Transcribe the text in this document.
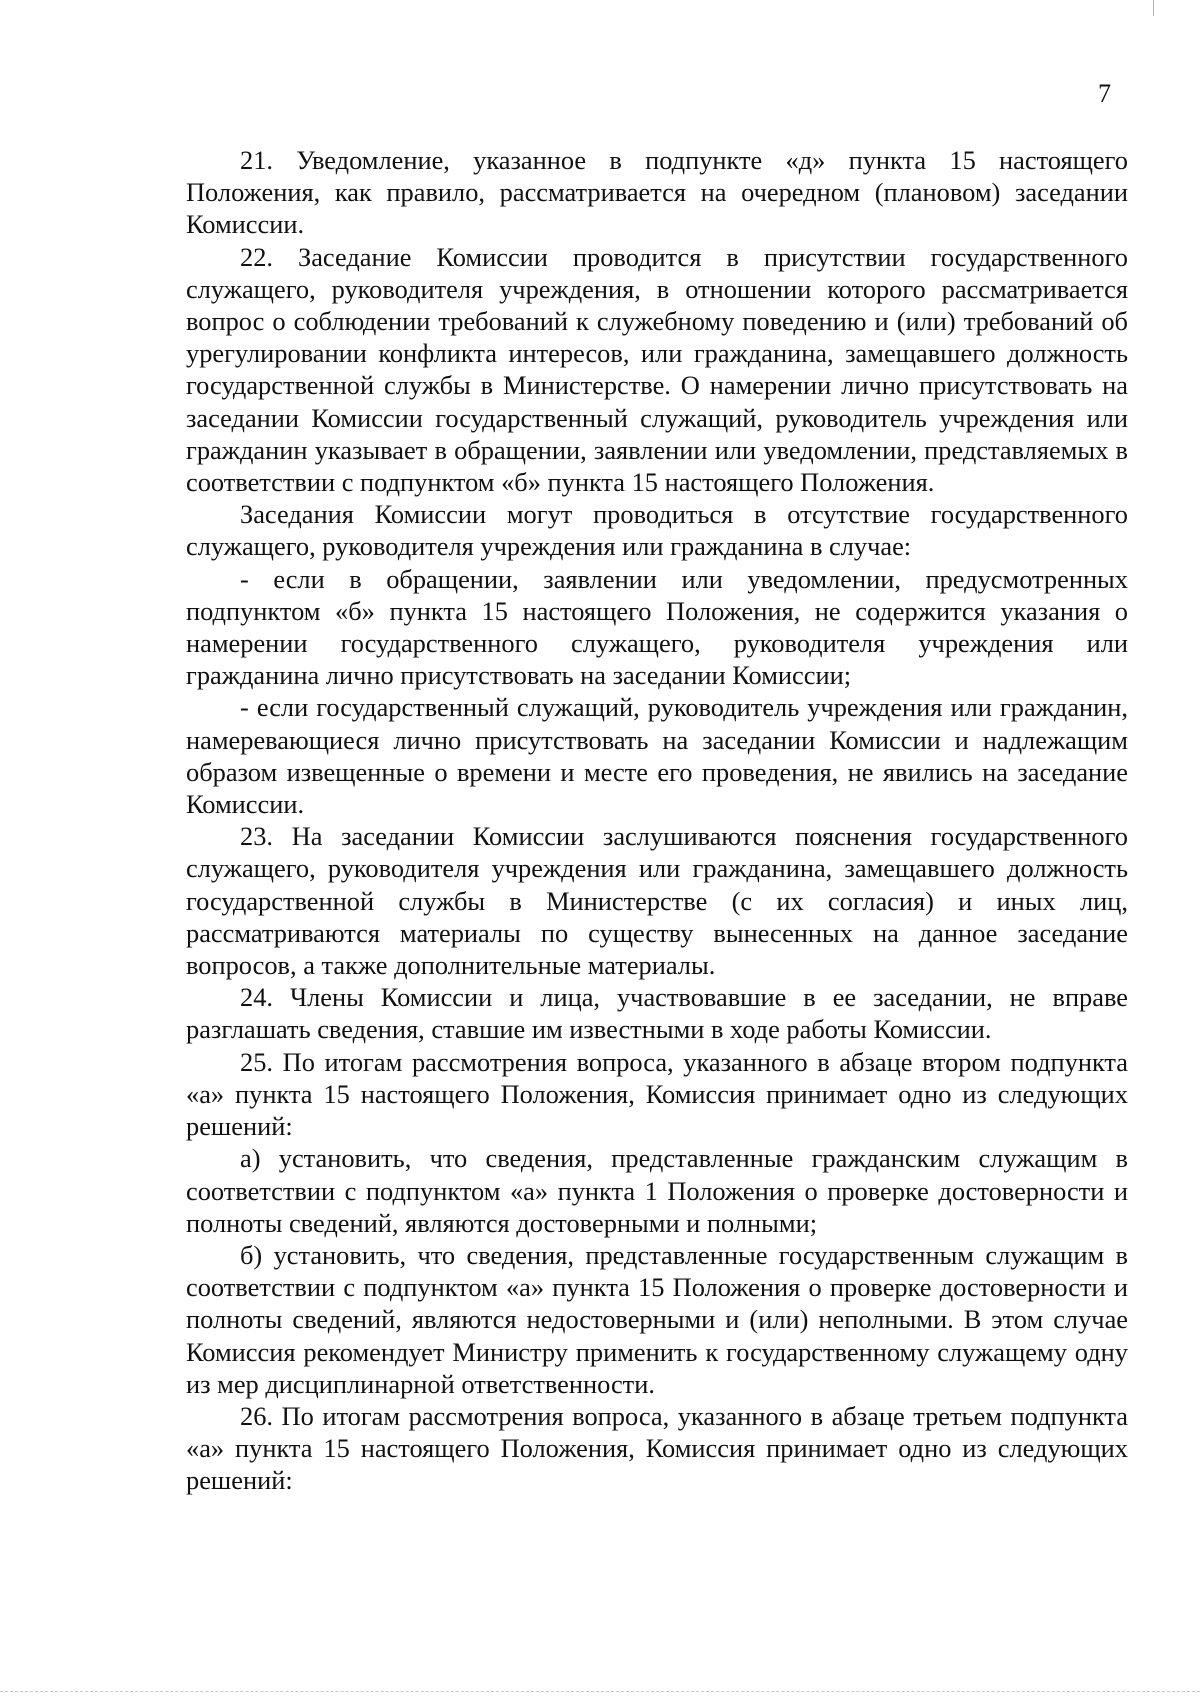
7

21. Уведомление, указанное в подпункте «д» пункта 15 настоящего Положения, как правило, рассматривается на очередном (плановом) заседании Комиссии.

22. Заседание Комиссии проводится в присутствии государственного служащего, руководителя учреждения, в отношении которого рассматривается вопрос о соблюдении требований к служебному поведению и (или) требований об урегулировании конфликта интересов, или гражданина, замещавшего должность государственной службы в Министерстве. О намерении лично присутствовать на заседании Комиссии государственный служащий, руководитель учреждения или гражданин указывает в обращении, заявлении или уведомлении, представляемых в соответствии с подпунктом «б» пункта 15 настоящего Положения.

Заседания Комиссии могут проводиться в отсутствие государственного служащего, руководителя учреждения или гражданина в случае:

- если в обращении, заявлении или уведомлении, предусмотренных подпунктом «б» пункта 15 настоящего Положения, не содержится указания о намерении государственного служащего, руководителя учреждения или гражданина лично присутствовать на заседании Комиссии;

- если государственный служащий, руководитель учреждения или гражданин, намеревающиеся лично присутствовать на заседании Комиссии и надлежащим образом извещенные о времени и месте его проведения, не явились на заседание Комиссии.

23. На заседании Комиссии заслушиваются пояснения государственного служащего, руководителя учреждения или гражданина, замещавшего должность государственной службы в Министерстве (с их согласия) и иных лиц, рассматриваются материалы по существу вынесенных на данное заседание вопросов, а также дополнительные материалы.

24. Члены Комиссии и лица, участвовавшие в ее заседании, не вправе разглашать сведения, ставшие им известными в ходе работы Комиссии.

25. По итогам рассмотрения вопроса, указанного в абзаце втором подпункта «а» пункта 15 настоящего Положения, Комиссия принимает одно из следующих решений:

а) установить, что сведения, представленные гражданским служащим в соответствии с подпунктом «а» пункта 1 Положения о проверке достоверности и полноты сведений, являются достоверными и полными;

б) установить, что сведения, представленные государственным служащим в соответствии с подпунктом «а» пункта 15 Положения о проверке достоверности и полноты сведений, являются недостоверными и (или) неполными. В этом случае Комиссия рекомендует Министру применить к государственному служащему одну из мер дисциплинарной ответственности.

26. По итогам рассмотрения вопроса, указанного в абзаце третьем подпункта «а» пункта 15 настоящего Положения, Комиссия принимает одно из следующих решений:
